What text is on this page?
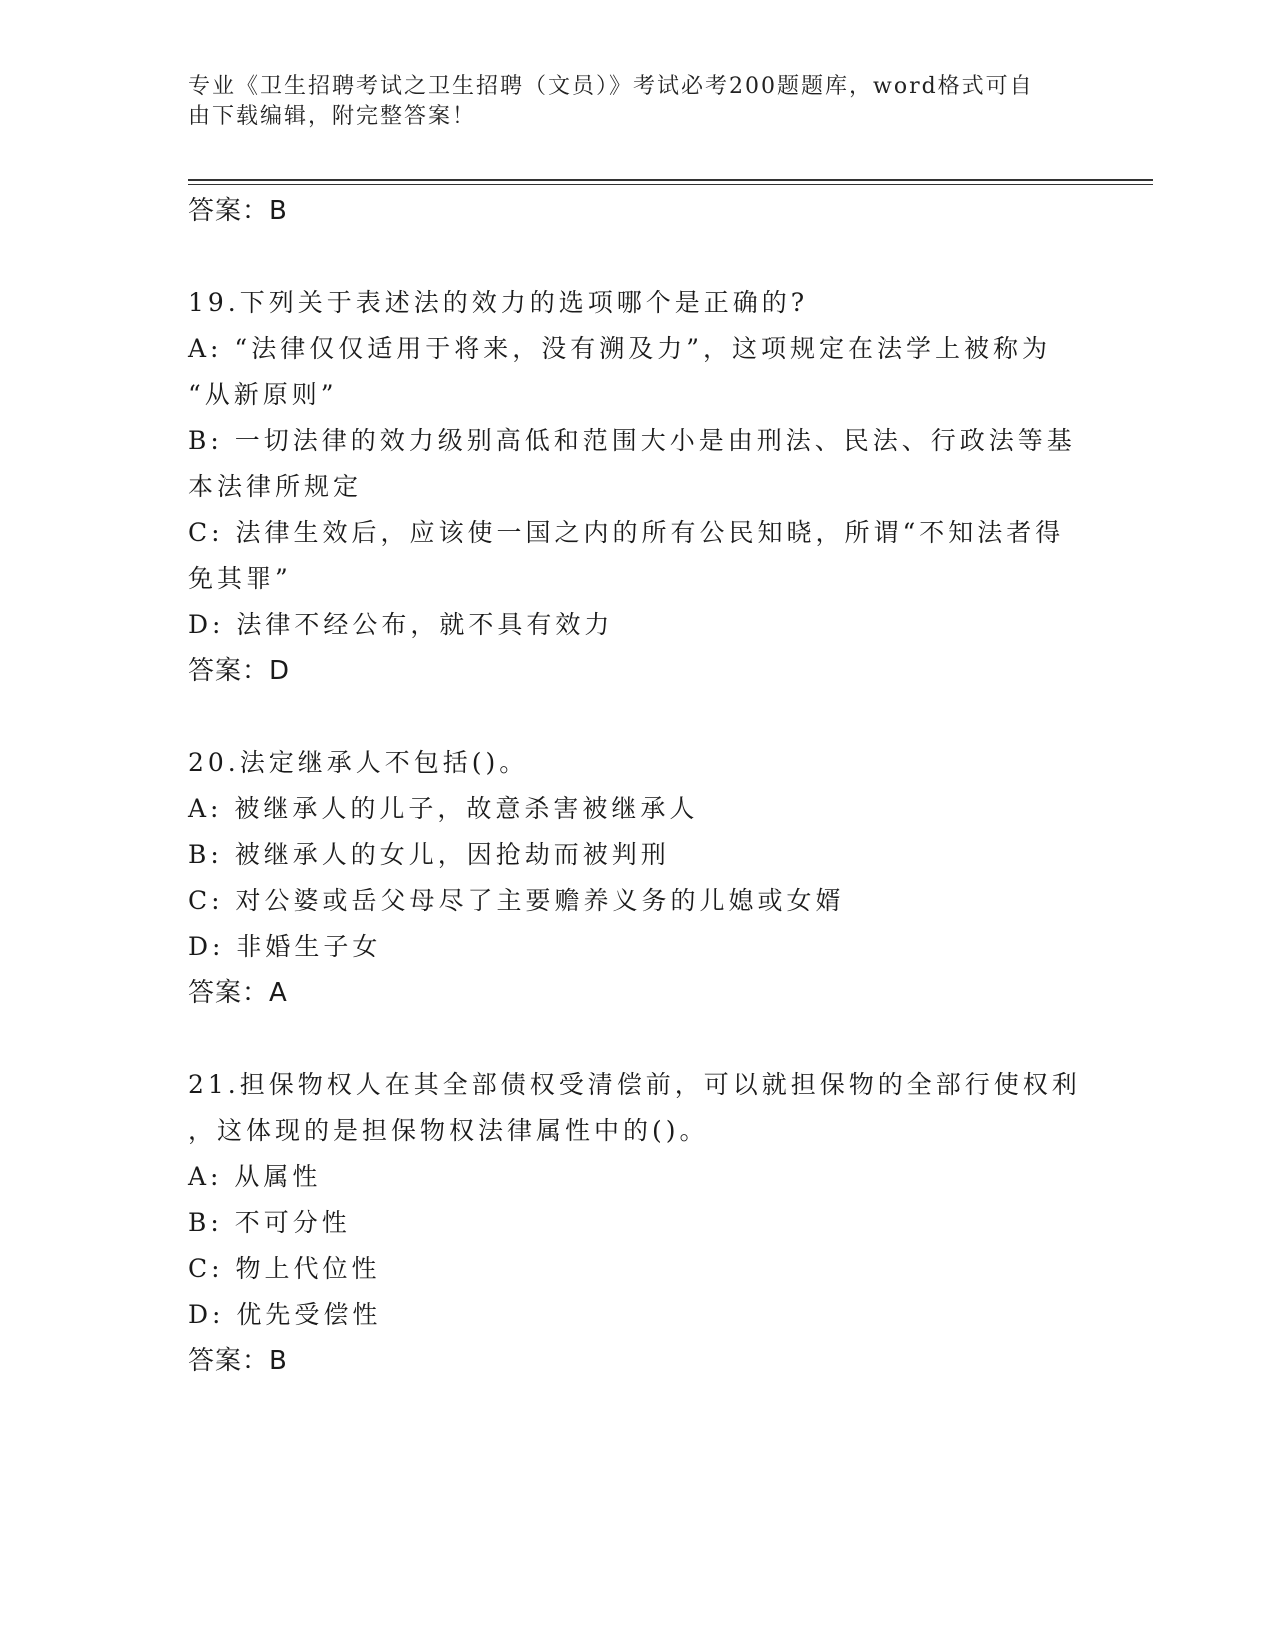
专业《卫生招聘考试之卫生招聘（文员）》考试必考200题题库，word格式可自
由下载编辑，附完整答案！
答案：B
19.下列关于表述法的效力的选项哪个是正确的?
A: “法律仅仅适用于将来，没有溯及力”，这项规定在法学上被称为
“从新原则”
B: 一切法律的效力级别高低和范围大小是由刑法、民法、行政法等基
本法律所规定
C: 法律生效后，应该使一国之内的所有公民知晓，所谓“不知法者得
免其罪”
D: 法律不经公布，就不具有效力
答案：D
20.法定继承人不包括()。
A: 被继承人的儿子，故意杀害被继承人
B: 被继承人的女儿，因抢劫而被判刑
C: 对公婆或岳父母尽了主要赡养义务的儿媳或女婿
D: 非婚生子女
答案：A
21.担保物权人在其全部债权受清偿前，可以就担保物的全部行使权利
，这体现的是担保物权法律属性中的()。
A: 从属性
B: 不可分性
C: 物上代位性
D: 优先受偿性
答案：B
